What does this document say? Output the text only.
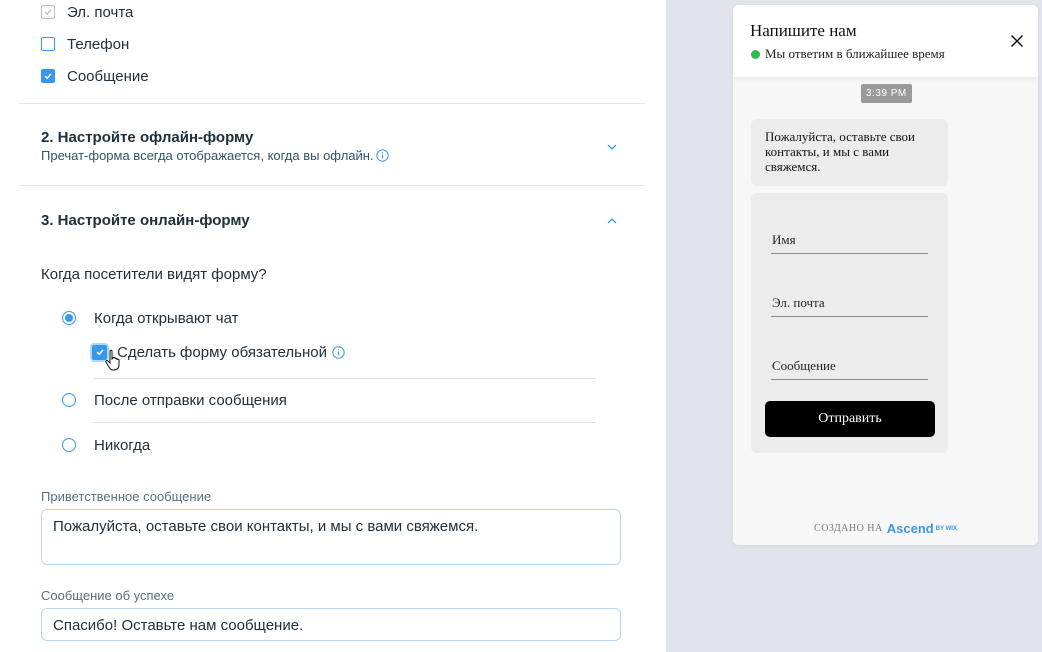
Эл. почта
Телефон
Сообщение
2. Настройте офлайн-форму
Пречат-форма всегда отображается, когда вы офлайн.
3. Настройте онлайн-форму
Когда посетители видят форму?
Когда открывают чат
Сделать форму обязательной
После отправки сообщения
Никогда
Приветственное сообщение
Пожалуйста, оставьте свои контакты, и мы с вами свяжемся.
Сообщение об успехе
Спасибо! Оставьте нам сообщение.
3:39 PM
Пожалуйста, оставьте свои контакты, и мы с вами свяжемся.
Имя
Эл. почта
Сообщение
Отправить
СОЗДАНО НА Ascend BY WIX
Напишите нам
Мы ответим в ближайшее время
